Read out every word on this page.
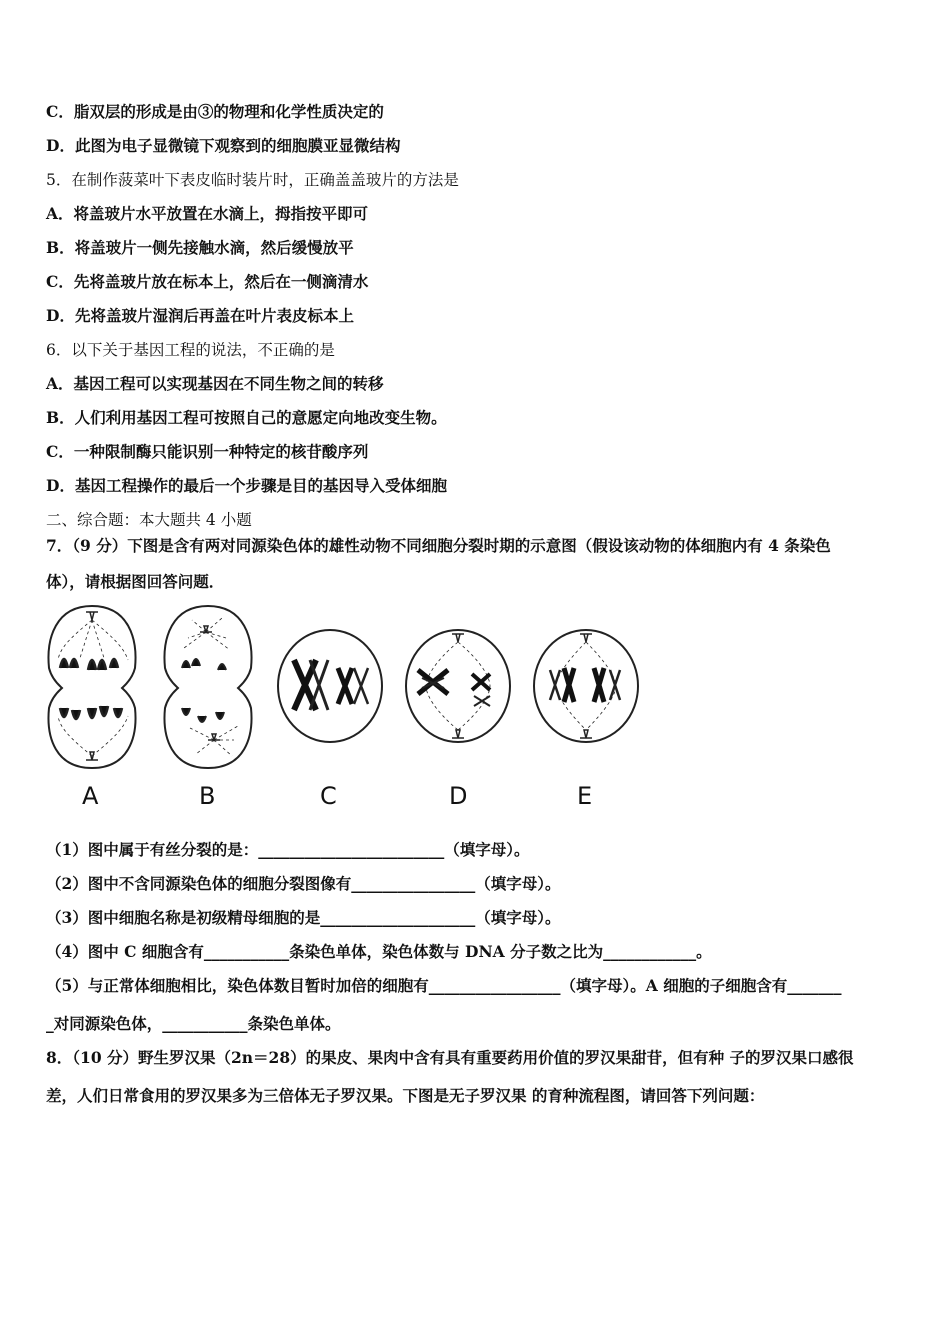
C．脂双层的形成是由③的物理和化学性质决定的
D．此图为电子显微镜下观察到的细胞膜亚显微结构
5．在制作菠菜叶下表皮临时装片时，正确盖盖玻片的方法是
A．将盖玻片水平放置在水滴上，拇指按平即可
B．将盖玻片一侧先接触水滴，然后缓慢放平
C．先将盖玻片放在标本上，然后在一侧滴清水
D．先将盖玻片湿润后再盖在叶片表皮标本上
6．以下关于基因工程的说法，不正确的是
A．基因工程可以实现基因在不同生物之间的转移
B．人们利用基因工程可按照自己的意愿定向地改变生物。
C．一种限制酶只能识别一种特定的核苷酸序列
D．基因工程操作的最后一个步骤是目的基因导入受体细胞
二、综合题：本大题共 4 小题
7．（9 分）下图是含有两对同源染色体的雄性动物不同细胞分裂时期的示意图（假设该动物的体细胞内有 4 条染色
体），请根据图回答问题．
A	B	C	D	E
（1）图中属于有丝分裂的是：________________________（填字母）。
（2）图中不含同源染色体的细胞分裂图像有________________（填字母）。
（3）图中细胞名称是初级精母细胞的是____________________（填字母）。
（4）图中 C 细胞含有___________条染色单体，染色体数与 DNA 分子数之比为____________。
（5）与正常体细胞相比，染色体数目暂时加倍的细胞有_________________（填字母）。A 细胞的子细胞含有_______
_对同源染色体，___________条染色单体。
8．（10 分）野生罗汉果（2n＝28）的果皮、果肉中含有具有重要药用价值的罗汉果甜苷，但有种 子的罗汉果口感很
差，人们日常食用的罗汉果多为三倍体无子罗汉果。下图是无子罗汉果 的育种流程图，请回答下列问题：
